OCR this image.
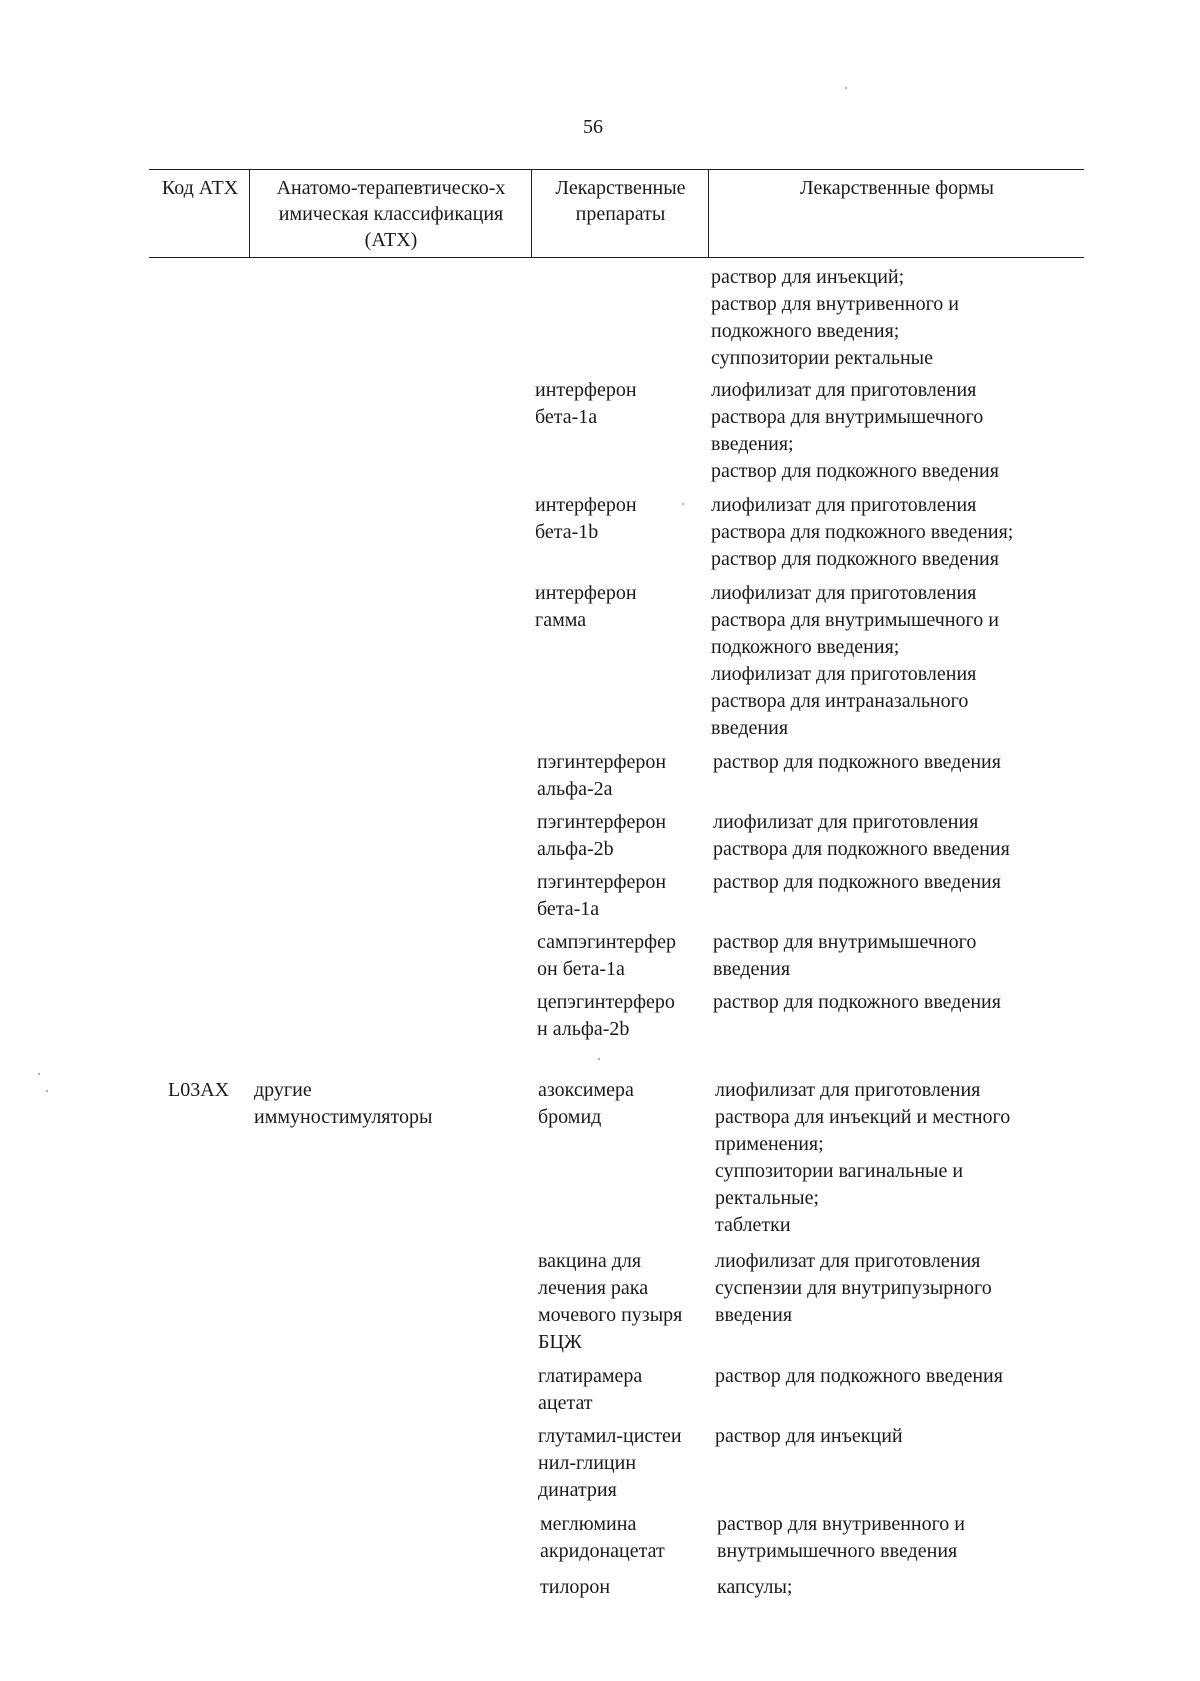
56
Код АТХ	Анатомо-терапевтическо-х
имическая классификация
(АТХ)
Лекарственные
препараты
Лекарственные формы
раствор для инъекций;
раствор для внутривенного и
подкожного введения;
суппозитории ректальные
интерферон
бета-1a
лиофилизат для приготовления
раствора для внутримышечного
введения;
раствор для подкожного введения
интерферон
бета-1b
лиофилизат для приготовления
раствора для подкожного введения;
раствор для подкожного введения
интерферон
гамма
лиофилизат для приготовления
раствора для внутримышечного и
подкожного введения;
лиофилизат для приготовления
раствора для интраназального
введения
пэгинтерферон
альфа-2a
раствор для подкожного введения
пэгинтерферон
альфа-2b
лиофилизат для приготовления
раствора для подкожного введения
пэгинтерферон
бета-1a
раствор для подкожного введения
сампэгинтерфер
он бета-1a
раствор для внутримышечного
введения
цепэгинтерферо
н альфа-2b
раствор для подкожного введения
L03AX другие
иммуностимуляторы
азоксимера
бромид
лиофилизат для приготовления
раствора для инъекций и местного
применения;
суппозитории вагинальные и
ректальные;
таблетки
вакцина для
лечения рака
мочевого пузыря
БЦЖ
лиофилизат для приготовления
суспензии для внутрипузырного
введения
глатирамера
ацетат
раствор для подкожного введения
глутамил-цистеи
нил-глицин
динатрия
раствор для инъекций
меглюмина
акридонацетат
раствор для внутривенного и
внутримышечного введения
тилорон	капсулы;
